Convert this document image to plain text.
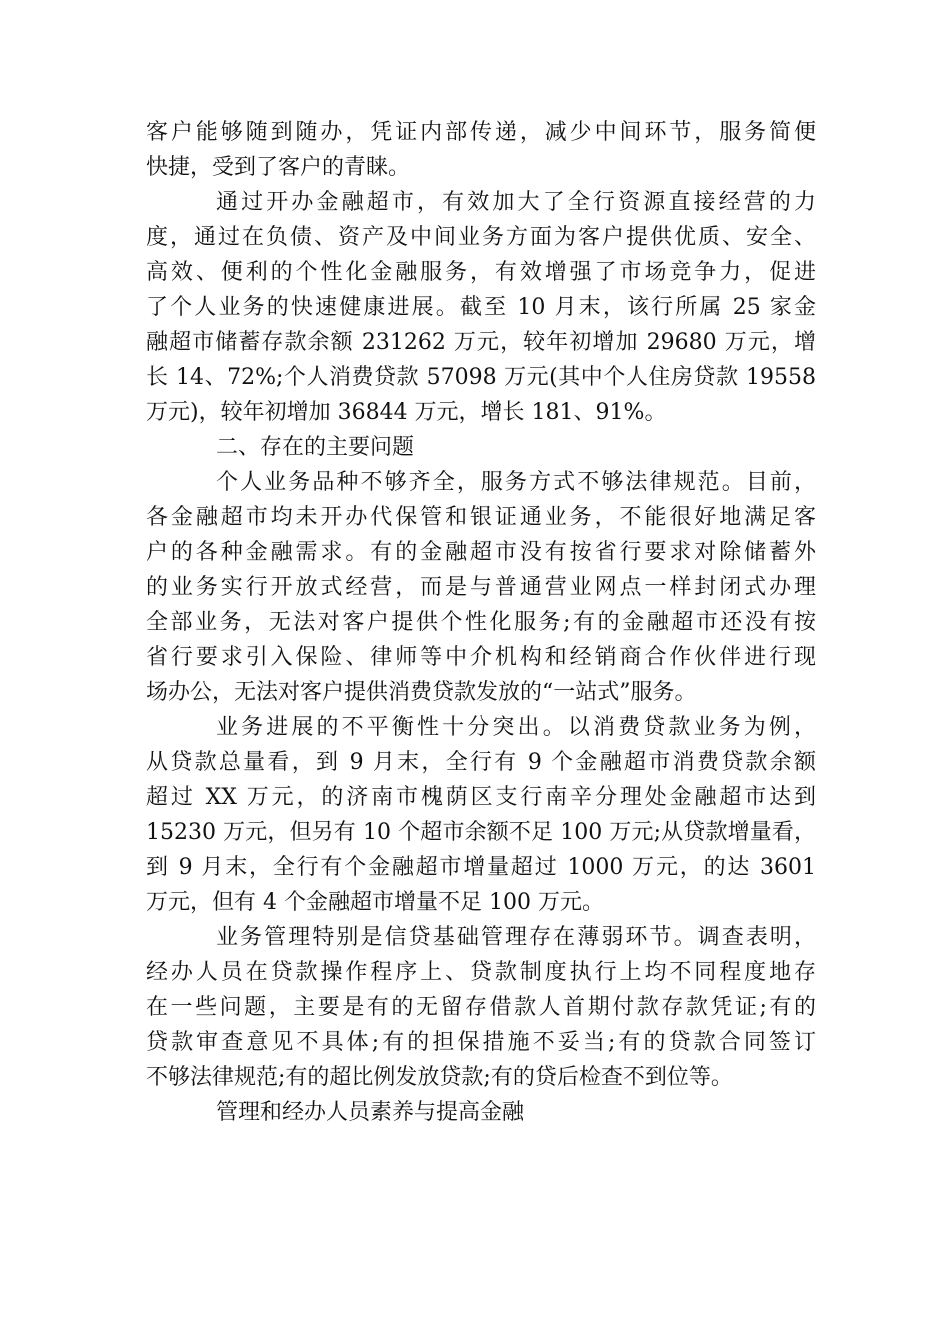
客户能够随到随办，凭证内部传递，减少中间环节，服务简便
快捷，受到了客户的青睐。
通过开办金融超市，有效加大了全行资源直接经营的力
度，通过在负债、资产及中间业务方面为客户提供优质、安全、
高效、便利的个性化金融服务，有效增强了市场竞争力，促进
了个人业务的快速健康进展。截至 10 月末，该行所属 25 家金
融超市储蓄存款余额 231262 万元，较年初增加 29680 万元，增
长 14、72%;个人消费贷款 57098 万元(其中个人住房贷款 19558
万元)，较年初增加 36844 万元，增长 181、91%。
二、存在的主要问题
个人业务品种不够齐全，服务方式不够法律规范。目前，
各金融超市均未开办代保管和银证通业务，不能很好地满足客
户的各种金融需求。有的金融超市没有按省行要求对除储蓄外
的业务实行开放式经营，而是与普通营业网点一样封闭式办理
全部业务，无法对客户提供个性化服务;有的金融超市还没有按
省行要求引入保险、律师等中介机构和经销商合作伙伴进行现
场办公，无法对客户提供消费贷款发放的“一站式”服务。
业务进展的不平衡性十分突出。以消费贷款业务为例，
从贷款总量看，到 9 月末，全行有 9 个金融超市消费贷款余额
超过 XX 万元，的济南市槐荫区支行南辛分理处金融超市达到
15230 万元，但另有 10 个超市余额不足 100 万元;从贷款增量看，
到 9 月末，全行有个金融超市增量超过 1000 万元，的达 3601
万元，但有 4 个金融超市增量不足 100 万元。
业务管理特别是信贷基础管理存在薄弱环节。调查表明，
经办人员在贷款操作程序上、贷款制度执行上均不同程度地存
在一些问题，主要是有的无留存借款人首期付款存款凭证;有的
贷款审查意见不具体;有的担保措施不妥当;有的贷款合同签订
不够法律规范;有的超比例发放贷款;有的贷后检查不到位等。
管理和经办人员素养与提高金融
